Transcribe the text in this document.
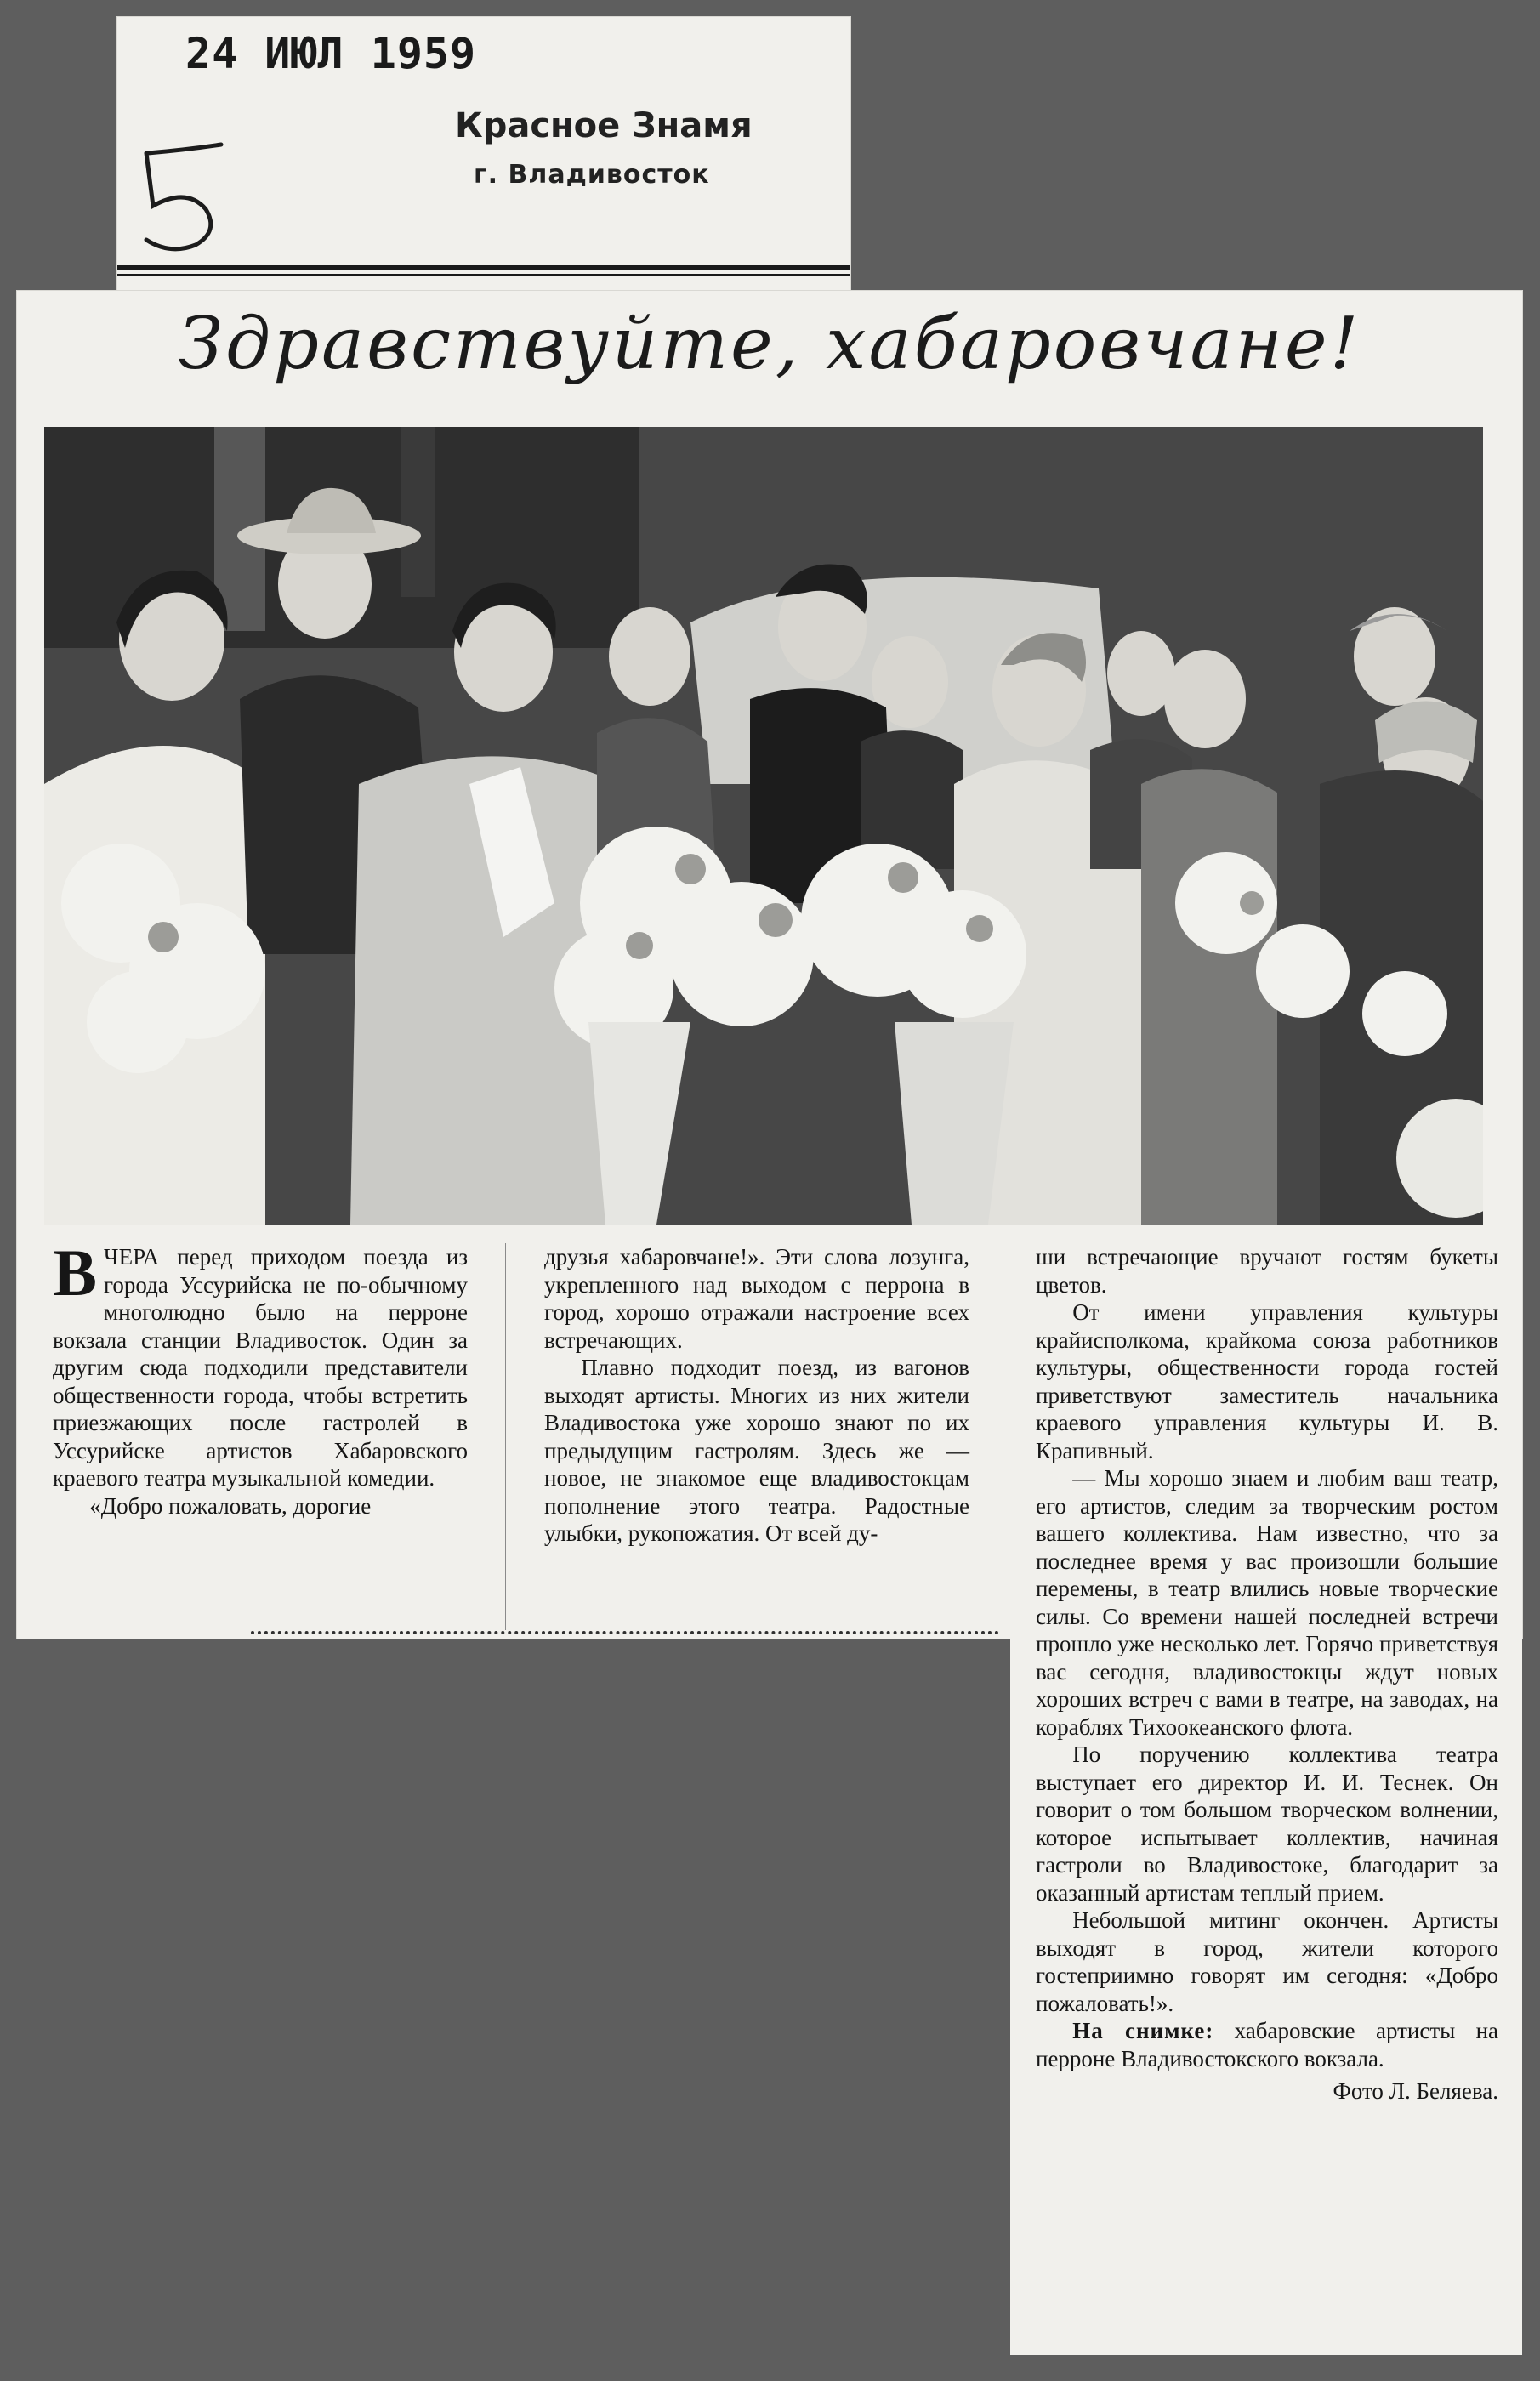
24 ИЮЛ 1959
Красное Знамя
г. Владивосток
Здравствуйте, хабаровчане!
В ЧЕРА перед приходом поезда из города Уссурийска не по-обычному многолюдно было на перроне вокзала станции Владивосток. Один за другим сюда подходили представители общественности города, чтобы встретить приезжающих после гастролей в Уссурийске артистов Хабаровского краевого театра музыкальной комедии.

«Добро пожаловать, дорогие

друзья хабаровчане!». Эти слова лозунга, укрепленного над выходом с перрона в город, хорошо отражали настроение всех встречающих.

Плавно подходит поезд, из вагонов выходят артисты. Многих из них жители Владивостока уже хорошо знают по их предыдущим гастролям. Здесь же — новое, не знакомое еще владивостокцам пополнение этого театра. Радостные улыбки, рукопожатия. От всей ду-

ши встречающие вручают гостям букеты цветов.

От имени управления культуры крайисполкома, крайкома союза работников культуры, общественности города гостей приветствуют заместитель начальника краевого управления культуры И. В. Крапивный.

— Мы хорошо знаем и любим ваш театр, его артистов, следим за творческим ростом вашего коллектива. Нам известно, что за последнее время у вас произошли большие перемены, в театр влились новые творческие силы. Со времени нашей последней встречи прошло уже несколько лет. Горячо приветствуя вас сегодня, владивостокцы ждут новых хороших встреч с вами в театре, на заводах, на кораблях Тихоокеанского флота.

По поручению коллектива театра выступает его директор И. И. Теснек. Он говорит о том большом творческом волнении, которое испытывает коллектив, начиная гастроли во Владивостоке, благодарит за оказанный артистам теплый прием.

Небольшой митинг окончен. Артисты выходят в город, жители которого гостеприимно говорят им сегодня: «Добро пожаловать!».

На снимке: хабаровские артисты на перроне Владивостокского вокзала.

Фото Л. Беляева.
